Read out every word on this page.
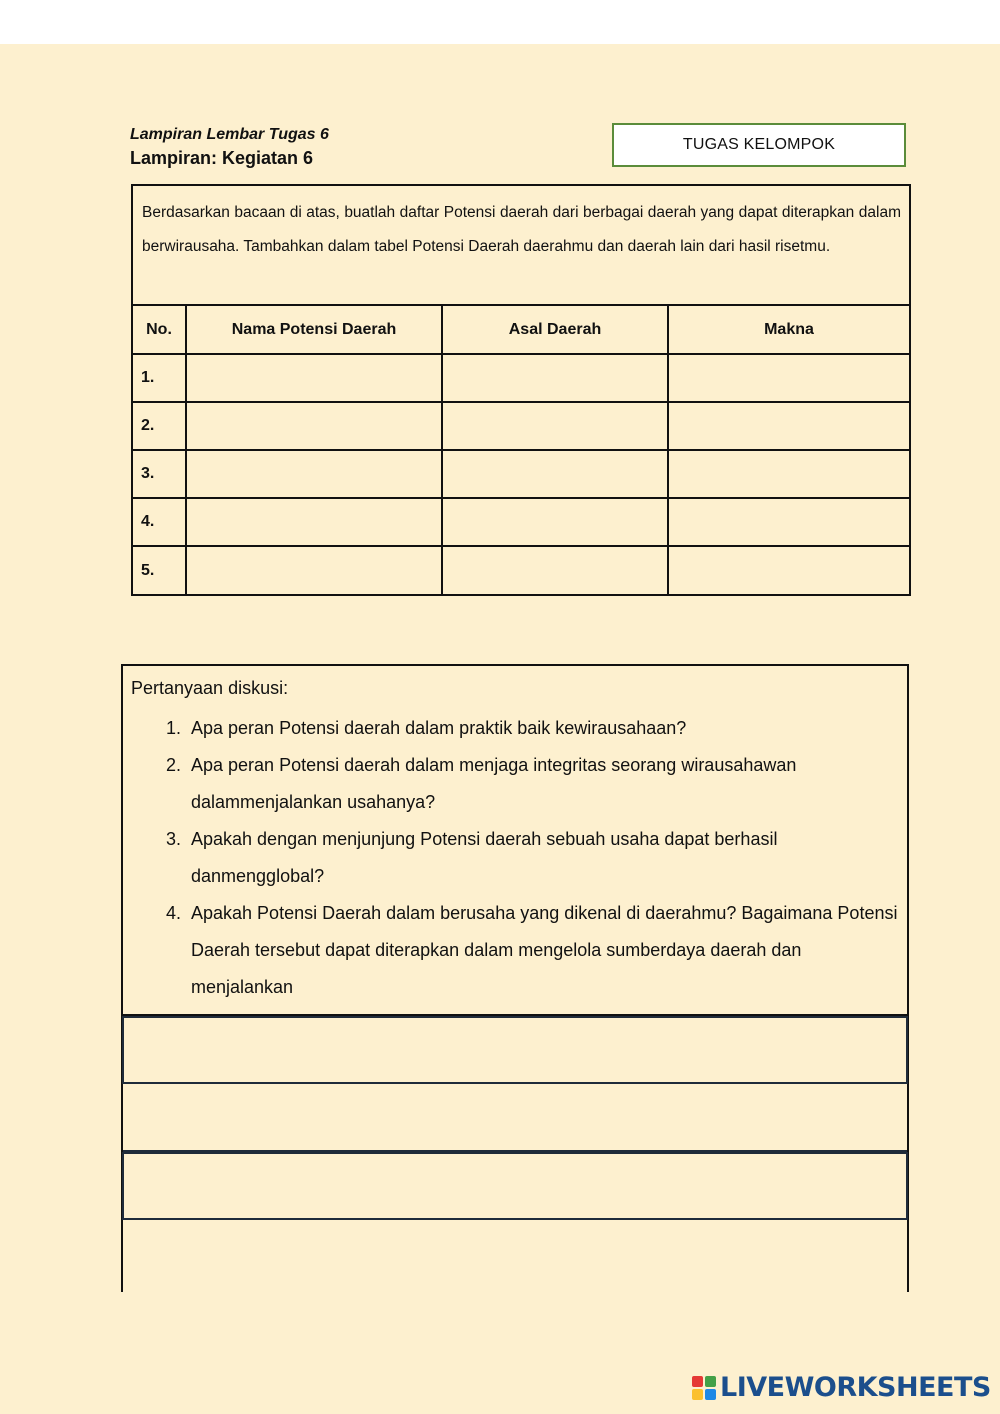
Lampiran Lembar Tugas 6
Lampiran: Kegiatan 6
TUGAS KELOMPOK
Berdasarkan bacaan di atas, buatlah daftar Potensi daerah dari berbagai daerah yang dapat diterapkan dalam berwirausaha. Tambahkan dalam tabel Potensi Daerah daerahmu dan daerah lain dari hasil risetmu.
No.	Nama Potensi Daerah	Asal Daerah	Makna
1.			
2.			
3.			
4.			
5.			
Pertanyaan diskusi:
1. Apa peran Potensi daerah dalam praktik baik kewirausahaan?
2. Apa peran Potensi daerah dalam menjaga integritas seorang wirausahawan dalammenjalankan usahanya?
3. Apakah dengan menjunjung Potensi daerah sebuah usaha dapat berhasil danmengglobal?
4. Apakah Potensi Daerah dalam berusaha yang dikenal di daerahmu? Bagaimana Potensi Daerah tersebut dapat diterapkan dalam mengelola sumberdaya daerah dan menjalankan
LIVEWORKSHEETS
